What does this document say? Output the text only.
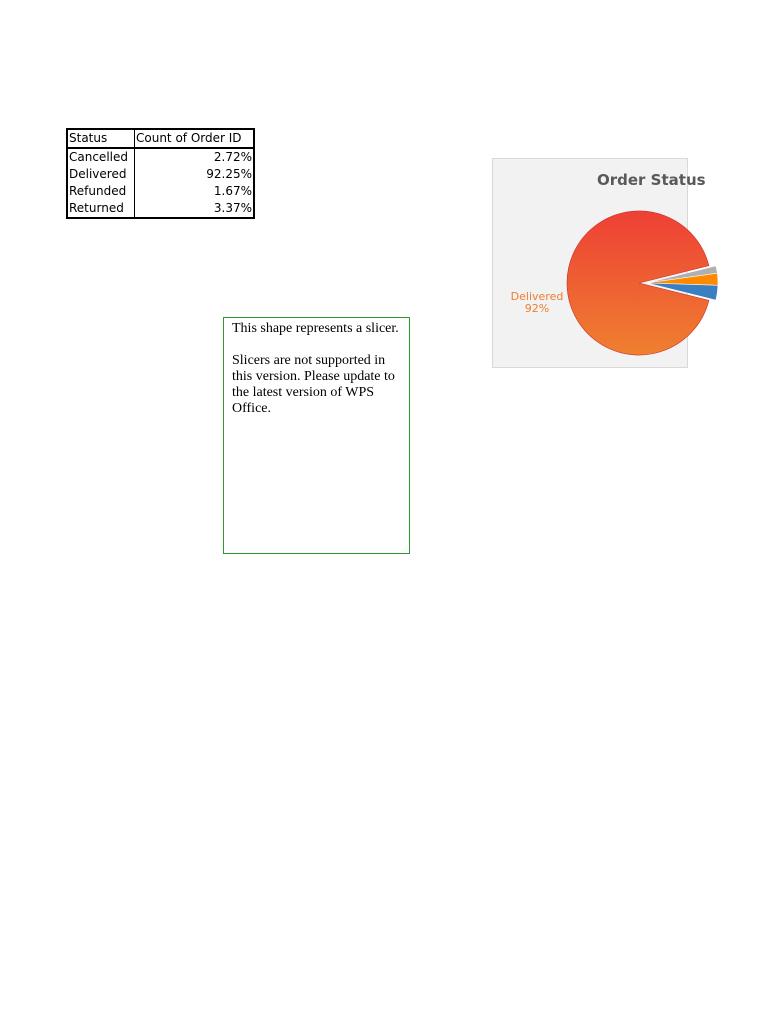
Status	Count of Order ID
Cancelled	2.72%
Delivered	92.25%
Refunded	1.67%
Returned	3.37%

This shape represents a slicer.

Slicers are not supported in this version. Please update to the latest version of WPS Office.

Order Status
Delivered
92%
